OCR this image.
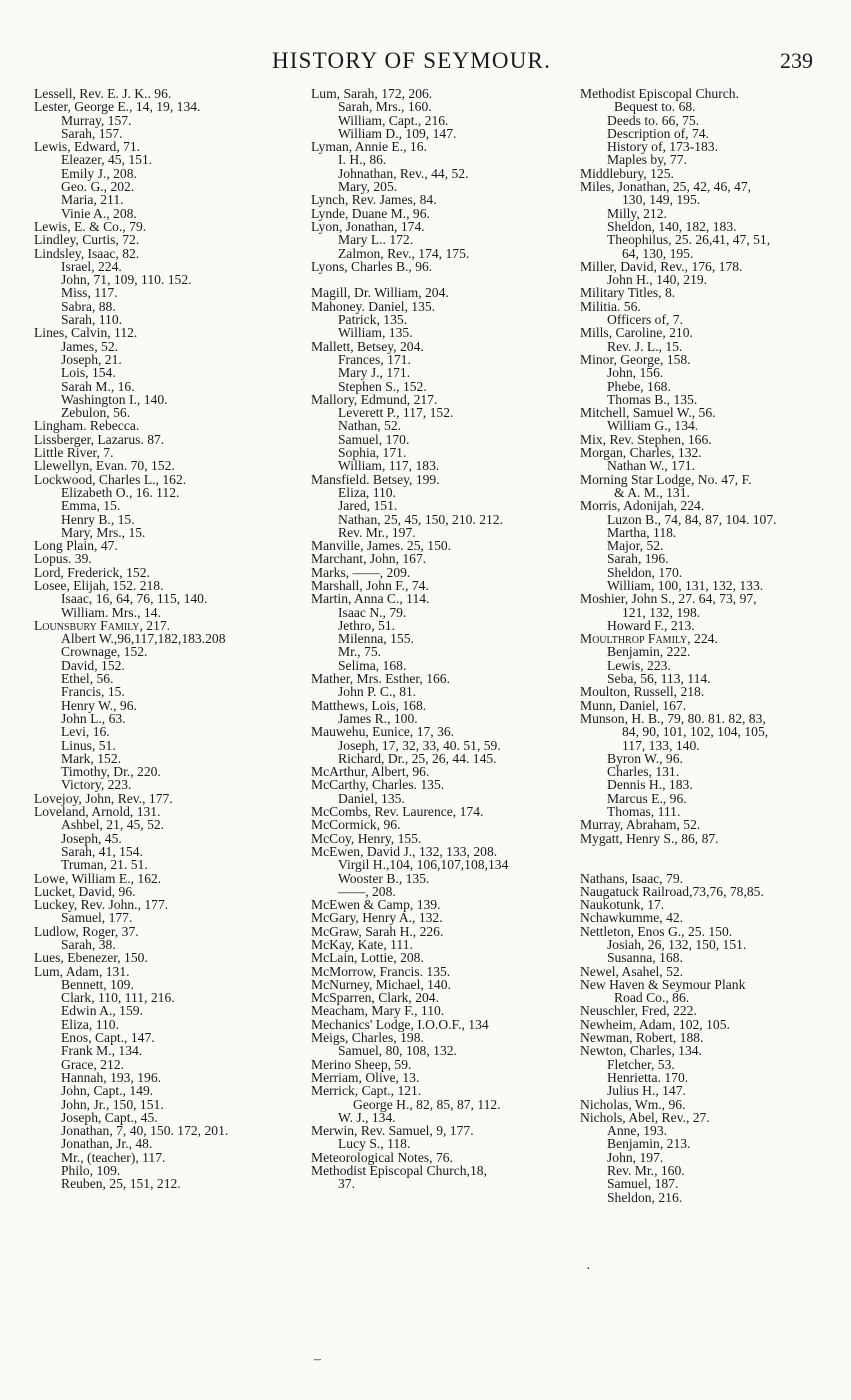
HISTORY OF SEYMOUR.	239
Lessell, Rev. E. J. K.. 96.
Lester, George E., 14, 19, 134.
Murray, 157.
Sarah, 157.
Lewis, Edward, 71.
Eleazer, 45, 151.
Emily J., 208.
Geo. G., 202.
Maria, 211.
Vinie A., 208.
Lewis, E. & Co., 79.
Lindley, Curtis, 72.
Lindsley, Isaac, 82.
Israel, 224.
John, 71, 109, 110. 152.
Miss, 117.
Sabra, 88.
Sarah, 110.
Lines, Calvin, 112.
James, 52.
Joseph, 21.
Lois, 154.
Sarah M., 16.
Washington I., 140.
Zebulon, 56.
Lingham. Rebecca.
Lissberger, Lazarus. 87.
Little River, 7.
Llewellyn, Evan. 70, 152.
Lockwood, Charles L., 162.
Elizabeth O., 16. 112.
Emma, 15.
Henry B., 15.
Mary, Mrs., 15.
Long Plain, 47.
Lopus. 39.
Lord, Frederick, 152.
Losee, Elijah, 152. 218.
Isaac, 16, 64, 76, 115, 140.
William. Mrs., 14.
Lounsbury Family, 217.
Albert W.,96,117,182,183.208
Crownage, 152.
David, 152.
Ethel, 56.
Francis, 15.
Henry W., 96.
John L., 63.
Levi, 16.
Linus, 51.
Mark, 152.
Timothy, Dr., 220.
Victory, 223.
Lovejoy, John, Rev., 177.
Loveland, Arnold, 131.
Ashbel, 21, 45, 52.
Joseph, 45.
Sarah, 41, 154.
Truman, 21. 51.
Lowe, William E., 162.
Lucket, David, 96.
Luckey, Rev. John., 177.
Samuel, 177.
Ludlow, Roger, 37.
Sarah, 38.
Lues, Ebenezer, 150.
Lum, Adam, 131.
Bennett, 109.
Clark, 110, 111, 216.
Edwin A., 159.
Eliza, 110.
Enos, Capt., 147.
Frank M., 134.
Grace, 212.
Hannah, 193, 196.
John, Capt., 149.
John, Jr., 150, 151.
Joseph, Capt., 45.
Jonathan, 7, 40, 150. 172, 201.
Jonathan, Jr., 48.
Mr., (teacher), 117.
Philo, 109.
Reuben, 25, 151, 212.
Lum, Sarah, 172, 206.
Sarah, Mrs., 160.
William, Capt., 216.
William D., 109, 147.
Lyman, Annie E., 16.
I. H., 86.
Johnathan, Rev., 44, 52.
Mary, 205.
Lynch, Rev. James, 84.
Lynde, Duane M., 96.
Lyon, Jonathan, 174.
Mary L.. 172.
Zalmon, Rev., 174, 175.
Lyons, Charles B., 96.
Magill, Dr. William, 204.
Mahoney. Daniel, 135.
Patrick, 135.
William, 135.
Mallett, Betsey, 204.
Frances, 171.
Mary J., 171.
Stephen S., 152.
Mallory, Edmund, 217.
Leverett P., 117, 152.
Nathan, 52.
Samuel, 170.
Sophia, 171.
William, 117, 183.
Mansfield. Betsey, 199.
Eliza, 110.
Jared, 151.
Nathan, 25, 45, 150, 210. 212.
Rev. Mr., 197.
Manville, James. 25, 150.
Marchant, John, 167.
Marks, ——, 209.
Marshall, John F., 74.
Martin, Anna C., 114.
Isaac N., 79.
Jethro, 51.
Milenna, 155.
Mr., 75.
Selima, 168.
Mather, Mrs. Esther, 166.
John P. C., 81.
Matthews, Lois, 168.
James R., 100.
Mauwehu, Eunice, 17, 36.
Joseph, 17, 32, 33, 40. 51, 59.
Richard, Dr., 25, 26, 44. 145.
McArthur, Albert, 96.
McCarthy, Charles. 135.
Daniel, 135.
McCombs, Rev. Laurence, 174.
McCormick, 96.
McCoy, Henry, 155.
McEwen, David J., 132, 133, 208.
Virgil H.,104, 106,107,108,134
Wooster B., 135.
——, 208.
McEwen & Camp, 139.
McGary, Henry A., 132.
McGraw, Sarah H., 226.
McKay, Kate, 111.
McLain, Lottie, 208.
McMorrow, Francis. 135.
McNurney, Michael, 140.
McSparren, Clark, 204.
Meacham, Mary F., 110.
Mechanics' Lodge, I.O.O.F., 134
Meigs, Charles, 198.
Samuel, 80, 108, 132.
Merino Sheep, 59.
Merriam, Olive, 13.
Merrick, Capt., 121.
George H., 82, 85, 87, 112.
W. J., 134.
Merwin, Rev. Samuel, 9, 177.
Lucy S., 118.
Meteorological Notes, 76.
Methodist Episcopal Church,18,
37.
Methodist Episcopal Church.
Bequest to. 68.
Deeds to. 66, 75.
Description of, 74.
History of, 173-183.
Maples by, 77.
Middlebury, 125.
Miles, Jonathan, 25, 42, 46, 47,
130, 149, 195.
Milly, 212.
Sheldon, 140, 182, 183.
Theophilus, 25. 26,41, 47, 51,
64, 130, 195.
Miller, David, Rev., 176, 178.
John H., 140, 219.
Military Titles, 8.
Militia. 56.
Officers of, 7.
Mills, Caroline, 210.
Rev. J. L., 15.
Minor, George, 158.
John, 156.
Phebe, 168.
Thomas B., 135.
Mitchell, Samuel W., 56.
William G., 134.
Mix, Rev. Stephen, 166.
Morgan, Charles, 132.
Nathan W., 171.
Morning Star Lodge, No. 47, F.
& A. M., 131.
Morris, Adonijah, 224.
Luzon B., 74, 84, 87, 104. 107.
Martha, 118.
Major, 52.
Sarah, 196.
Sheldon, 170.
William, 100, 131, 132, 133.
Moshier, John S., 27. 64, 73, 97,
121, 132, 198.
Howard F., 213.
Moulthrop Family, 224.
Benjamin, 222.
Lewis, 223.
Seba, 56, 113, 114.
Moulton, Russell, 218.
Munn, Daniel, 167.
Munson, H. B., 79, 80. 81. 82, 83,
84, 90, 101, 102, 104, 105,
117, 133, 140.
Byron W., 96.
Charles, 131.
Dennis H., 183.
Marcus E., 96.
Thomas, 111.
Murray, Abraham, 52.
Mygatt, Henry S., 86, 87.
Nathans, Isaac, 79.
Naugatuck Railroad,73,76, 78,85.
Naukotunk, 17.
Nchawkumme, 42.
Nettleton, Enos G., 25. 150.
Josiah, 26, 132, 150, 151.
Susanna, 168.
Newel, Asahel, 52.
New Haven & Seymour Plank
Road Co., 86.
Neuschler, Fred, 222.
Newheim, Adam, 102, 105.
Newman, Robert, 188.
Newton, Charles, 134.
Fletcher, 53.
Henrietta. 170.
Julius H., 147.
Nicholas, Wm., 96.
Nichols, Abel, Rev., 27.
Anne, 193.
Benjamin, 213.
John, 197.
Rev. Mr., 160.
Samuel, 187.
Sheldon, 216.
‒
·
